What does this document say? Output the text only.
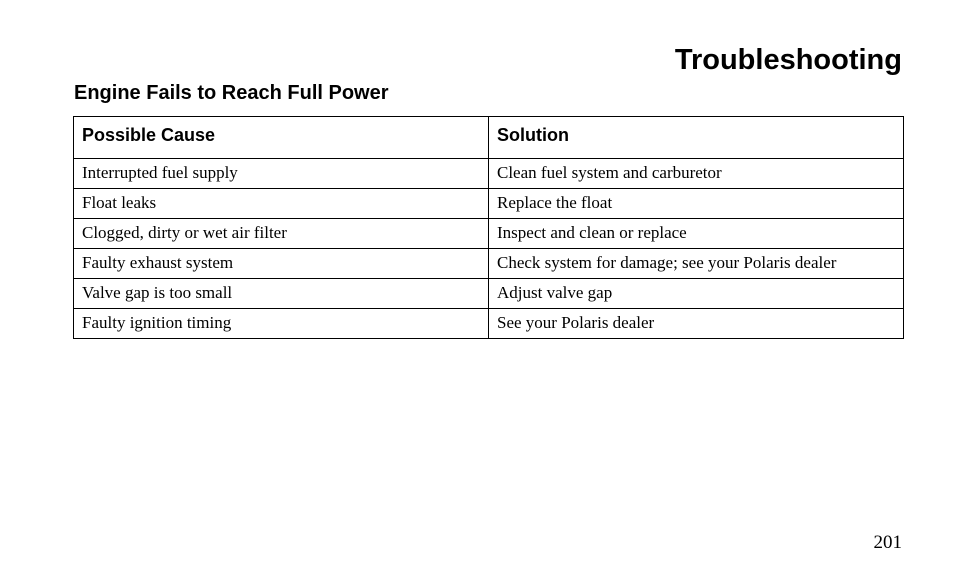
Troubleshooting
Engine Fails to Reach Full Power
Possible Cause	Solution
Interrupted fuel supply	Clean fuel system and carburetor
Float leaks	Replace the float
Clogged, dirty or wet air filter	Inspect and clean or replace
Faulty exhaust system	Check system for damage; see your Polaris dealer
Valve gap is too small	Adjust valve gap
Faulty ignition timing	See your Polaris dealer

201
